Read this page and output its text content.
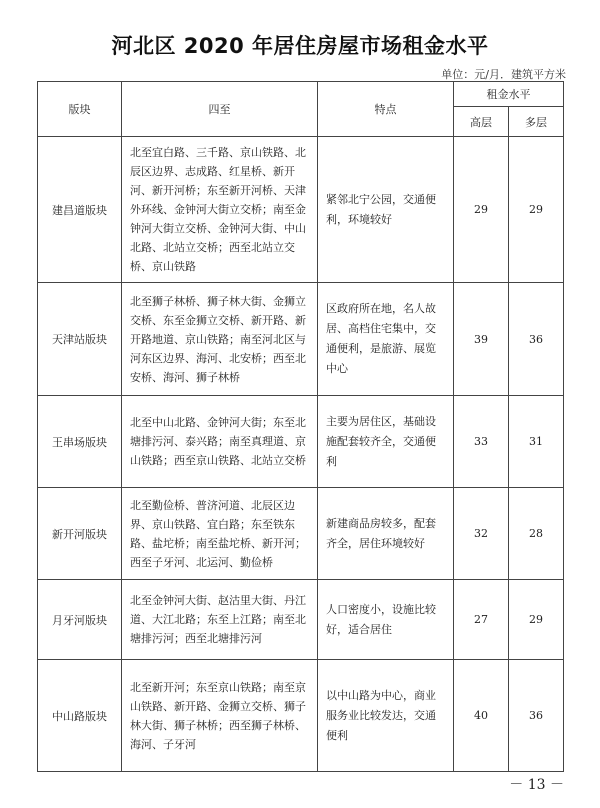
河北区 2020 年居住房屋市场租金水平
单位：元/月．建筑平方米
版块	四至	特点	租金水平	
			高层	多层
建昌道版块	北至宜白路、三千路、京山铁路、北辰区边界、志成路、红星桥、新开河、新开河桥；东至新开河桥、天津外环线、金钟河大街立交桥；南至金钟河大街立交桥、金钟河大街、中山北路、北站立交桥；西至北站立交桥、京山铁路	紧邻北宁公园，交通便利，环境较好	29	29
天津站版块	北至狮子林桥、狮子林大街、金狮立交桥、东至金狮立交桥、新开路、新开路地道、京山铁路；南至河北区与河东区边界、海河、北安桥；西至北安桥、海河、狮子林桥	区政府所在地，名人故居、高档住宅集中，交通便利，是旅游、展览中心	39	36
王串场版块	北至中山北路、金钟河大街；东至北塘排污河、泰兴路；南至真理道、京山铁路；西至京山铁路、北站立交桥	主要为居住区，基础设施配套较齐全，交通便利	33	31
新开河版块	北至勤俭桥、普济河道、北辰区边界、京山铁路、宜白路；东至铁东路、盐坨桥；南至盐坨桥、新开河；西至子牙河、北运河、勤俭桥	新建商品房较多，配套齐全，居住环境较好	32	28
月牙河版块	北至金钟河大街、赵沽里大街、丹江道、大江北路；东至上江路；南至北塘排污河；西至北塘排污河	人口密度小，设施比较好，适合居住	27	29
中山路版块	北至新开河；东至京山铁路；南至京山铁路、新开路、金狮立交桥、狮子林大街、狮子林桥；西至狮子林桥、海河、子牙河	以中山路为中心，商业服务业比较发达，交通便利	40	36
－ 13 －
